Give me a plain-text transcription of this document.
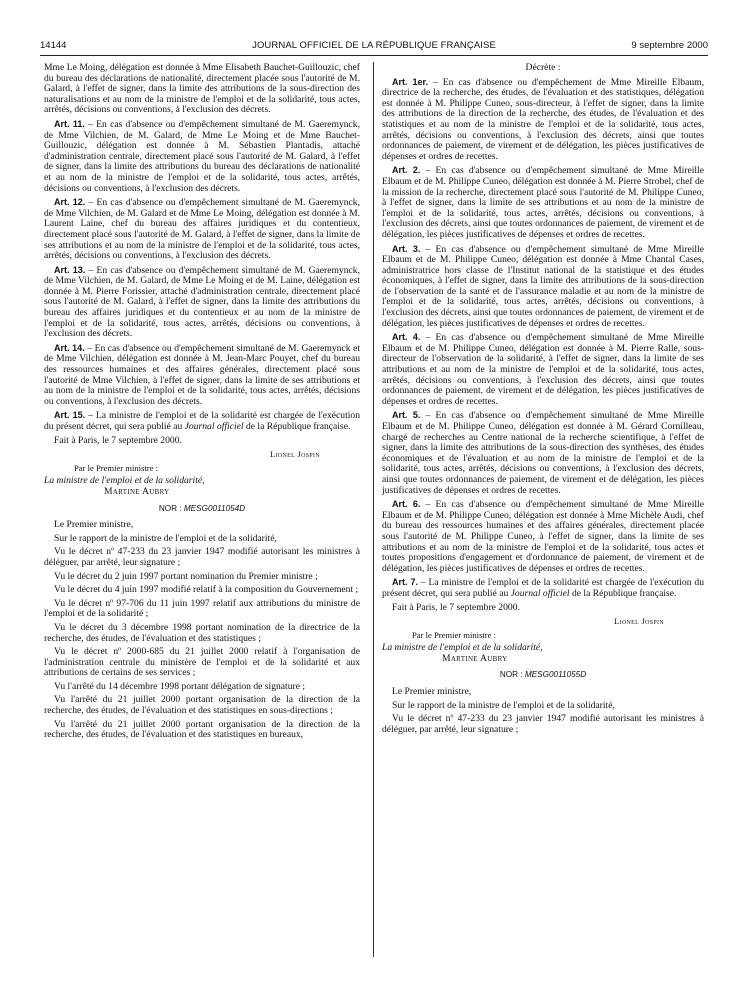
14144	JOURNAL OFFICIEL DE LA RÉPUBLIQUE FRANÇAISE	9 septembre 2000

Mme Le Moing, délégation est donnée à Mme Elisabeth Bauchet-Guillouzic, chef du bureau des déclarations de nationalité, directement placée sous l'autorité de M. Galard, à l'effet de signer, dans la limite des attributions de la sous-direction des naturalisations et au nom de la ministre de l'emploi et de la solidarité, tous actes, arrêtés, décisions ou conventions, à l'exclusion des décrets.

Art. 11. – En cas d'absence ou d'empêchement simultané de M. Gaeremynck, de Mme Vilchien, de M. Galard, de Mme Le Moing et de Mme Bauchet-Guillouzic, délégation est donnée à M. Sébastien Plantadis, attaché d'administration centrale, directement placé sous l'autorité de M. Galard, à l'effet de signer, dans la limite des attributions du bureau des déclarations de nationalité et au nom de la ministre de l'emploi et de la solidarité, tous actes, arrêtés, décisions ou conventions, à l'exclusion des décrets.

Art. 12. – En cas d'absence ou d'empêchement simultané de M. Gaeremynck, de Mme Vilchien, de M. Galard et de Mme Le Moing, délégation est donnée à M. Laurent Laine, chef du bureau des affaires juridiques et du contentieux, directement placé sous l'autorité de M. Galard, à l'effet de signer, dans la limite de ses attributions et au nom de la ministre de l'emploi et de la solidarité, tous actes, arrêtés, décisions ou conventions, à l'exclusion des décrets.

Art. 13. – En cas d'absence ou d'empêchement simultané de M. Gaeremynck, de Mme Vilchien, de M. Galard, de Mme Le Moing et de M. Laine, délégation est donnée à M. Pierre Forissier, attaché d'administration centrale, directement placé sous l'autorité de M. Galard, à l'effet de signer, dans la limite des attributions du bureau des affaires juridiques et du contentieux et au nom de la ministre de l'emploi et de la solidarité, tous actes, arrêtés, décisions ou conventions, à l'exclusion des décrets.

Art. 14. – En cas d'absence ou d'empêchement simultané de M. Gaeremynck et de Mme Vilchien, délégation est donnée à M. Jean-Marc Pouyet, chef du bureau des ressources humaines et des affaires générales, directement placé sous l'autorité de Mme Vilchien, à l'effet de signer, dans la limite de ses attributions et au nom de la ministre de l'emploi et de la solidarité, tous actes, arrêtés, décisions ou conventions, à l'exclusion des décrets.

Art. 15. – La ministre de l'emploi et de la solidarité est chargée de l'exécution du présent décret, qui sera publié au Journal officiel de la République française.

Fait à Paris, le 7 septembre 2000.

Lionel Jospin

Par le Premier ministre :

La ministre de l'emploi et de la solidarité,

Martine Aubry

NOR : MESG0011054D

Le Premier ministre,

Sur le rapport de la ministre de l'emploi et de la solidarité,

Vu le décret nº 47-233 du 23 janvier 1947 modifié autorisant les ministres à déléguer, par arrêté, leur signature ;

Vu le décret du 2 juin 1997 portant nomination du Premier ministre ;

Vu le décret du 4 juin 1997 modifié relatif à la composition du Gouvernement ;

Vu le décret nº 97-706 du 11 juin 1997 relatif aux attributions du ministre de l'emploi et de la solidarité ;

Vu le décret du 3 décembre 1998 portant nomination de la directrice de la recherche, des études, de l'évaluation et des statistiques ;

Vu le décret nº 2000-685 du 21 juillet 2000 relatif à l'organisation de l'administration centrale du ministère de l'emploi et de la solidarité et aux attributions de certains de ses services ;

Vu l'arrêté du 14 décembre 1998 portant délégation de signature ;

Vu l'arrêté du 21 juillet 2000 portant organisation de la direction de la recherche, des études, de l'évaluation et des statistiques en sous-directions ;

Vu l'arrêté du 21 juillet 2000 portant organisation de la direction de la recherche, des études, de l'évaluation et des statistiques en bureaux,

Décrète :

Art. 1er. – En cas d'absence ou d'empêchement de Mme Mireille Elbaum, directrice de la recherche, des études, de l'évaluation et des statistiques, délégation est donnée à M. Philippe Cuneo, sous-directeur, à l'effet de signer, dans la limite des attributions de la direction de la recherche, des études, de l'évaluation et des statistiques et au nom de la ministre de l'emploi et de la solidarité, tous actes, arrêtés, décisions ou conventions, à l'exclusion des décrets, ainsi que toutes ordonnances de paiement, de virement et de délégation, les pièces justificatives de dépenses et ordres de recettes.

Art. 2. – En cas d'absence ou d'empêchement simultané de Mme Mireille Elbaum et de M. Philippe Cuneo, délégation est donnée à M. Pierre Strobel, chef de la mission de la recherche, directement placé sous l'autorité de M. Philippe Cuneo, à l'effet de signer, dans la limite de ses attributions et au nom de la ministre de l'emploi et de la solidarité, tous actes, arrêtés, décisions ou conventions, à l'exclusion des décrets, ainsi que toutes ordonnances de paiement, de virement et de délégation, les pièces justificatives de dépenses et ordres de recettes.

Art. 3. – En cas d'absence ou d'empêchement simultané de Mme Mireille Elbaum et de M. Philippe Cuneo, délégation est donnée à Mme Chantal Cases, administratrice hors classe de l'Institut national de la statistique et des études économiques, à l'effet de signer, dans la limite des attributions de la sous-direction de l'observation de la santé et de l'assurance maladie et au nom de la ministre de l'emploi et de la solidarité, tous actes, arrêtés, décisions ou conventions, à l'exclusion des décrets, ainsi que toutes ordonnances de paiement, de virement et de délégation, les pièces justificatives de dépenses et ordres de recettes.

Art. 4. – En cas d'absence ou d'empêchement simultané de Mme Mireille Elbaum et de M. Philippe Cuneo, délégation est donnée à M. Pierre Ralle, sous-directeur de l'observation de la solidarité, à l'effet de signer, dans la limite de ses attributions et au nom de la ministre de l'emploi et de la solidarité, tous actes, arrêtés, décisions ou conventions, à l'exclusion des décrets, ainsi que toutes ordonnances de paiement, de virement et de délégation, les pièces justificatives de dépenses et ordres de recettes.

Art. 5. – En cas d'absence ou d'empêchement simultané de Mme Mireille Elbaum et de M. Philippe Cuneo, délégation est donnée à M. Gérard Cornilleau, chargé de recherches au Centre national de la recherche scientifique, à l'effet de signer, dans la limite des attributions de la sous-direction des synthèses, des études économiques et de l'évaluation et au nom de la ministre de l'emploi et de la solidarité, tous actes, arrêtés, décisions ou conventions, à l'exclusion des décrets, ainsi que toutes ordonnances de paiement, de virement et de délégation, les pièces justificatives de dépenses et ordres de recettes.

Art. 6. – En cas d'absence ou d'empêchement simultané de Mme Mireille Elbaum et de M. Philippe Cuneo, délégation est donnée à Mme Michèle Audi, chef du bureau des ressources humaines et des affaires générales, directement placée sous l'autorité de M. Philippe Cuneo, à l'effet de signer, dans la limite de ses attributions et au nom de la ministre de l'emploi et de la solidarité, tous actes et toutes propositions d'engagement et d'ordonnance de paiement, de virement et de délégation, les pièces justificatives de dépenses et ordres de recettes.

Art. 7. – La ministre de l'emploi et de la solidarité est chargée de l'exécution du présent décret, qui sera publié au Journal officiel de la République française.

Fait à Paris, le 7 septembre 2000.

Lionel Jospin

Par le Premier ministre :

La ministre de l'emploi et de la solidarité,

Martine Aubry

NOR : MESG0011055D

Le Premier ministre,

Sur le rapport de la ministre de l'emploi et de la solidarité,

Vu le décret nº 47-233 du 23 janvier 1947 modifié autorisant les ministres à déléguer, par arrêté, leur signature ;
